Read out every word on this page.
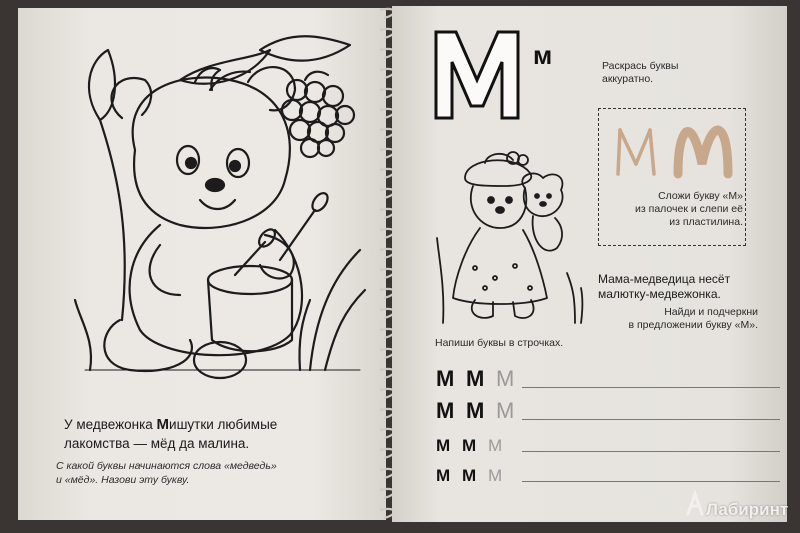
У медвежонка Мишутки любимые
лакомства — мёд да малина.
С какой буквы начинаются слова «медведь»
и «мёд». Назови эту букву.
м	Раскрась буквы
аккуратно.
Сложи букву «М»
из палочек и слепи её
из пластилина.
Мама-медведица несёт
малютку-медвежонка.
Найди и подчеркни
в предложении букву «М».
Напиши буквы в строчках.
М М М
М М М
М М М
М М М
Лабиринт
